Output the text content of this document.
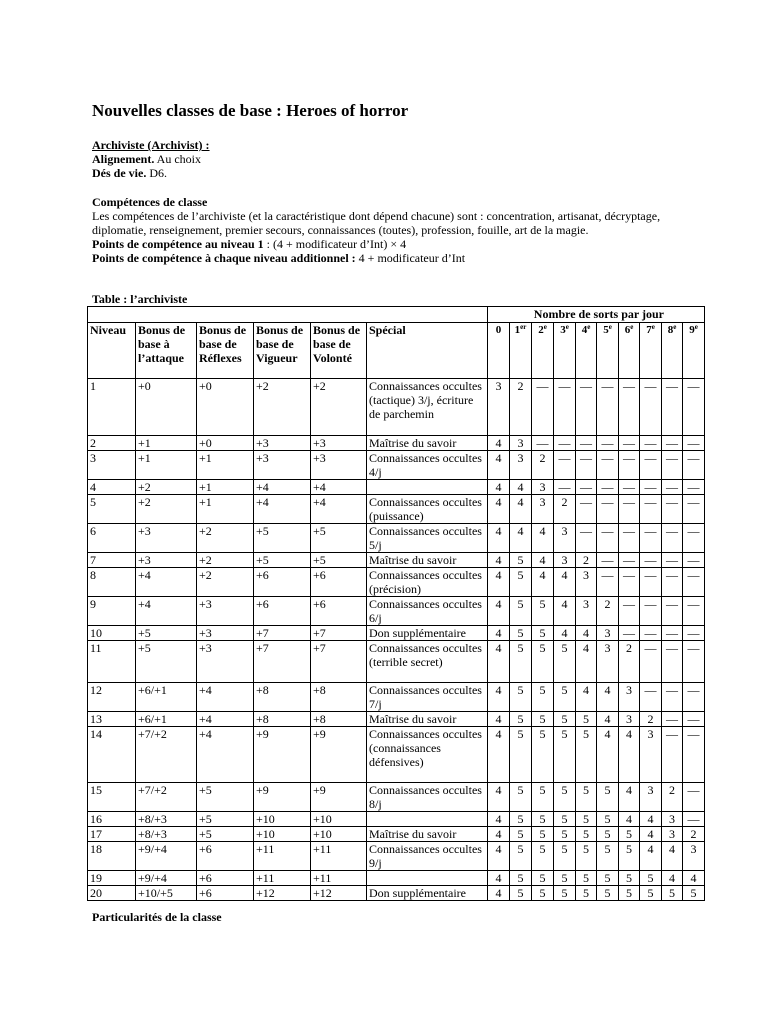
Nouvelles classes de base : Heroes of horror

Archiviste (Archivist) :

Alignement. Au choix

Dés de vie. D6.

Compétences de classe

Les compétences de l’archiviste (et la caractéristique dont dépend chacune) sont : concentration, artisanat, décryptage, diplomatie, renseignement, premier secours, connaissances (toutes), profession, fouille, art de la magie.

Points de compétence au niveau 1 : (4 + modificateur d’Int) × 4

Points de compétence à chaque niveau additionnel : 4 + modificateur d’Int

Table : l’archiviste
						Nombre de sorts par jour									
Niveau	Bonus de base à l’attaque	Bonus de base de Réflexes	Bonus de base de Vigueur	Bonus de base de Volonté	Spécial	0	1er	2e	3e	4e	5e	6e	7e	8e	9e
1	+0	+0	+2	+2	Connaissances occultes (tactique) 3/j, écriture de parchemin	3	2	—	—	—	—	—	—	—	—
2	+1	+0	+3	+3	Maîtrise du savoir	4	3	—	—	—	—	—	—	—	—
3	+1	+1	+3	+3	Connaissances occultes 4/j	4	3	2	—	—	—	—	—	—	—
4	+2	+1	+4	+4		4	4	3	—	—	—	—	—	—	—
5	+2	+1	+4	+4	Connaissances occultes (puissance)	4	4	3	2	—	—	—	—	—	—
6	+3	+2	+5	+5	Connaissances occultes 5/j	4	4	4	3	—	—	—	—	—	—
7	+3	+2	+5	+5	Maîtrise du savoir	4	5	4	3	2	—	—	—	—	—
8	+4	+2	+6	+6	Connaissances occultes (précision)	4	5	4	4	3	—	—	—	—	—
9	+4	+3	+6	+6	Connaissances occultes 6/j	4	5	5	4	3	2	—	—	—	—
10	+5	+3	+7	+7	Don supplémentaire	4	5	5	4	4	3	—	—	—	—
11	+5	+3	+7	+7	Connaissances occultes (terrible secret)	4	5	5	5	4	3	2	—	—	—
12	+6/+1	+4	+8	+8	Connaissances occultes 7/j	4	5	5	5	4	4	3	—	—	—
13	+6/+1	+4	+8	+8	Maîtrise du savoir	4	5	5	5	5	4	3	2	—	—
14	+7/+2	+4	+9	+9	Connaissances occultes (connaissances défensives)	4	5	5	5	5	4	4	3	—	—
15	+7/+2	+5	+9	+9	Connaissances occultes 8/j	4	5	5	5	5	5	4	3	2	—
16	+8/+3	+5	+10	+10		4	5	5	5	5	5	4	4	3	—
17	+8/+3	+5	+10	+10	Maîtrise du savoir	4	5	5	5	5	5	5	4	3	2
18	+9/+4	+6	+11	+11	Connaissances occultes 9/j	4	5	5	5	5	5	5	4	4	3
19	+9/+4	+6	+11	+11		4	5	5	5	5	5	5	5	4	4
20	+10/+5	+6	+12	+12	Don supplémentaire	4	5	5	5	5	5	5	5	5	5
Particularités de la classe
